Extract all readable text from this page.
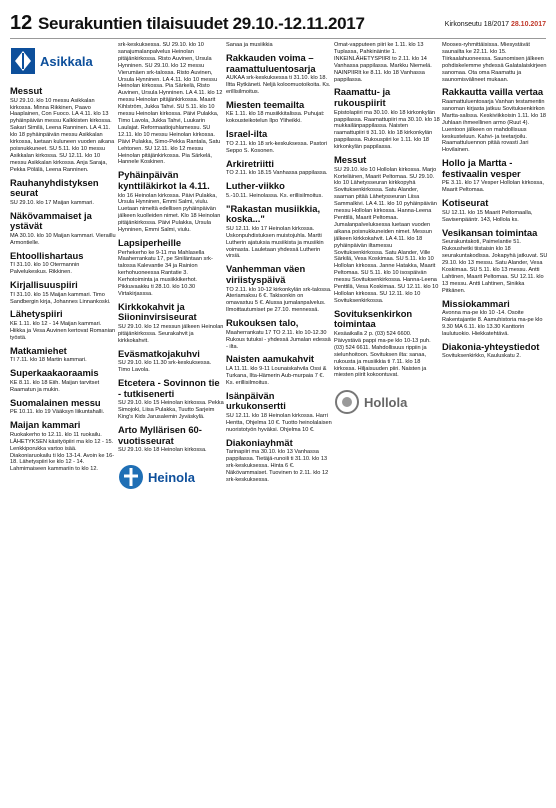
12 Seurakuntien tilaisuudet 29.10.-12.11.2017	Kirkonseutu 18/2017 28.10.2017
Asikkala
Messut
SU 29.10. klo 10 messu Asikkalan kirkossa. Minna Rikkinen, Paavo Haaplainen, Con Fuoco. LA 4.11. klo 13 pyhäinpäivän messu Kalkkisten kirkossa. Sakari Similä, Leena Ranninen. LA 4.11. klo 18 pyhäinpäivän messu Asikkalan kirkossa, luetaan kuluneen vuoden aikana poisnukkuneet. SU 5.11. klo 10 messu Asikkalan kirkossa. SU 12.11. klo 10 messu Asikkalan kirkossa. Anja Saraja, Pekka Pölälä, Leena Ranninen.
Rauhanyhdistyksen seurat
SU 29.10. klo 17 Maijan kammari.
Näkövammaiset ja ystävät
MA 30.10. klo 10 Maijan kammari. Vieraillu Armontielle.
Ehtoollishartaus
TI 31.10. klo 10 Otermannin Palvelukeskus. Rikkinen.
Kirjallisuuspiiri
TI 31.10. klo 15 Maijan kammari. Timo Sandbergin kirja, Johannes Linnankoski.
Lähetyspiiri
KE 1.11. klo 12 - 14 Maijan kammari. Hiikka ja Vesa Auvinen kertovat Romanian työstä.
Matkamiehet
TI 7.11. klo 18 Martin kammari.
Superkaakaoraamis
KE 8.11. klo 18 Eiih. Maijan tarvitset Raamatun ja mukin.
Suomalainen messu
PE 10.11. klo 19 Vääksyn liikuntahalli.
Maijan kammari
Ruokakerho to 12.11. klo 11 ruokailu. LÄHETYKSEN käsityöpiiri ma klo 12 - 15. Lenkkiporukka vartoo isää. Diakoniaruokailu ti klo 13-14. Avoin ke 16-18. Lähetyspiiri ke klo 12 - 14. Lahmimaiseen kammariin to klo 12.
srk-keskuksessa. SU 29.10. klo 10 sanajumalanpalvelus Heinolan pitäjänkirkossa. Risto Auvinen, Ursula Hynninen. SU 29.10. klo 12 messu Vierumäen srk-talossa. Risto Auvinen, Ursula Hynninen. LA 4.11. klo 10 messu Heinolan kirkossa. Pia Särkelä, Risto Auvinen, Ursula Hynninen. LA 4.11. klo 12 messu Heinolan pitäjänkirkossa. Maarit Kihlström, Jukka Tahvi. SU 5.11. klo 10 messu Heinolan kirkossa. Päivi Pulakka, Timo Lavola, Jukka Tahvi, Luukarin Laulajat. Reformaatiojuhlamessu. SU 12.11. klo 10 messu Heinolan kirkossa. Päivi Pulakka, Simo-Pekka Rantala, Satu Lehtonen. SU 12.11. klo 12 messu Heinolan pitäjänkirkossa. Pia Särkelä, Hannele Koskinen.
Pyhäinpäivän kynttiläkirkot la 4.11.
klo 16 Heinolan kirkossa. Päivi Pulakka, Ursula Hynninen, Emmi Salmi, viulu. Luetaan nimeltä edellisen pyhäinpäivän jälkeen kuolleiden nimet. Klo 18 Heinolan pitäjänkirkossa. Päivi Pulakka, Ursula Hynninen, Emmi Salmi, viulu.
Lapsiperheille
Perhekerho ke 9-11 ma Mahlasella Maaherrankatu 17, pe Siniläntaan srk-talossa Kalevantie 34 ja Rainion kerhohuoneessa Rantatie 3. Kerhotoiminta ja musiikkikerhot. Pikkuvaakku ti 28.10. klo 10.30 Virtakirjasssa.
Kirkkokahvit ja Siioninvirsiseurat
SU 29.10. klo 12 messun jälkeen Heinolan pitäjänkirkossa. Seurakahvit ja kirkkokahvit.
Eväsmatkojakuhvi
SU 29.10. klo 11.30 srk-keskuksessa. Timo Lavola.
Etcetera - Sovinnon tie - tutkisenerti
SU 29.10. klo 15 Heinolan kirkossa. Pekka Simojoki, Liisa Pulakka, Tuutto Sarjeim King's Kids Jarusalemin Jyväskylä.
Arto Myllärisen 60-vuotisseurat
SU 29.10. klo 18 Heinolan kirkossa.
Heinola
Sanaa ja musiikkia
Rakkauden voima – raamattuluentosarja
AUKAA srk-keskuksessa ti 31.10. klo 18. Iltta Rytkäneti. Neljä koloomuotoikoita. Ks. erillisilmoitus.
Miesten teemailta
KE 1.11. klo 18 musiikkitalissa. Puhujat: kokousteikotelun Ilpo Yliheikki.
Israel-ilta
TO 2.11. klo 18 srk-keskuksessa. Pastori Seppo S. Kosonen.
Arkiretriitti
TO 2.11. klo 18.15 Vanhassa pappilassa.
Luther-viikko
5.-10.11. Heinolassa. Ks. erillisilmoitus.
"Rakastan musiikkia, koska..."
SU 12.11. klo 17 Heinolan kirkossa. Uskonpuhdistuksen muistojuhla. Martti Lutherin ajatuksia musiikista ja musiikin voimasta. Lauletaan yhdessä Lutherin virsiä.
Vanhemman väen viriistyspäivä
TO 2.11. klo 10-12 kirkonkylän srk-talossa. Ateriamaksu 6 €. Takisonkin on omavastuu 5 €. Alussa jumalanpalvelus. Ilmoittautumiset pe 27.10. mennessä.
Rukouksen talo,
Maaherrankatu 17 TO 2.11. klo 10-12.30 Rukous tutuksi - yhdessä Jumalan edessä - ilta.
Naisten aamukahvit
LA 11.11. klo 9-11 Lounaiskahvila Ossi & Turkana, Ilta-Hämerin Aub-murpaia 7 €. Ks. erillisilmoitus.
Isänpäivän urkukonsertti
SU 12.11. klo 18 Heinolan kirkossa. Harri Hentta, Ohjelma 10 €. Tuotto heinolalaisen nuoristotyön hyväksi. Ohjelma 10 €.
Diakoniayhmät
Tarinapiiri ma 30.10. klo 13 Vanhassa pappilassa. Tietäjä-runoili ti 31.10. klo 13 srk-keskuksessa. Hinta 6 €. Näkövammaiset. Tuovinen to 2.11. klo 12 srk-keskuksessa.
Omat-vapputeen piiri ke 1.11. klo 13 Tuplassa, Pahkinäintie 1. INKEINLÄHETYSPIIRI to 2.11. klo 14 Vanhassa pappilassa. Markku Niemelä. NAINPIIRIt ke 8.11. klo 18 Vanhassa pappilassa.
Raamattu- ja rukouspiirit
Epistolapiiri ma 30.10. klo 18 kirkonkylän pappilassa. Raamattupiiri ma 30.10. klo 18 mukkailänpappilassa. Naisten raamattupiiri ti 31.10. klo 18 kirkonkylän pappilassa. Rukouspiiri ke 1.11. klo 18 kirkonkylän pappilassa.
Messut
SU 29.10. klo 10 Hollolan kirkossa. Marjo Korteläinen, Maarit Peltomaa. SU 29.10. klo 10 Lähetysseuran kirkkopyhä Sovituksenkirkossa. Satu Alander, saarnan pitää Lähetysseuran Liisa Sammalkivi. LA 4.11. klo 10 pyhäinpäivän messu Hollolan kirkossa. Hanna-Leena Penttilä, Maarit Peltomaa. Jumalanpalveluksessa luetaan vuoden aikana poisnukkuneiden nimet. Messun jälkeen kirkkokahvit. LA 4.11. klo 18 pyhäinpäivän iltamessu Sovituksenkirkossa. Satu Alander, Ville Särkilä, Vesa Koskimaa. SU 5.11. klo 10 Hollolan kirkossa. Janne Hatakka, Maarit Peltomaa. SU 5.11. klo 10 isospäivän messu Sovituksenkirkossa. Hanna-Leena Penttilä, Vesa Koskimaa. SU 12.11. klo 10 Hollolan kirkossa. SU 12.11. klo 10 Sovituksenkirkossa.
Sovituksenkirkon toimintaa
Kesäaikalla 2 p. (03) 524 6600. Päivystävä pappi ma-pe klo 10-13 puh. (03) 524 6611. Mahdollisuus rippiin ja sielunhoitoon. Sovituksen ilta: sanaa, rukousta ja musiikkia ti 7.11. klo 18 kirkossa. Hiljaisuuden piiri. Naisten ja miesten piirit kokoontuvat.
Hollola
Mooses-ryhmittäisissa. Miesystävät saunailta ke 22.11. klo 15. Tiirkaalahuoneessa. Saunomisen jälkeen pohdiskelemme yhdessä Galatalaiskirjeen sanomaa. Ota oma Raamattu ja saunomisvälineet mukaan.
Rakkautta vailla vertaa
Raamattuluentosarja Vanhan testamentin sanoman kirjasta jatkuu Sovituksenkirkon Martta-salissa. Keskiviikkoisin 1.11. klo 18 Juhlaan ihmeellinen armo (Ruut 4). Luentoon jälkeen on mahdollisuus keskusteluun. Kahvi- ja teetarjoilu. Raamattuluennon pitää rovasti Jari Hovilainen.
Hollo ja Martta -festivaalin vesper
PE 3.11. klo 17 Vesper Hollolan kirkossa, Maarit Peltomaa.
Kotiseurat
SU 12.11. klo 15 Maarit Peltomaalla, Savisenpääntr. 143, Hollola ks.
Vesikansan toimintaa
Seurakuntakoti, Paimelantie 51. Rukoushetki tiistaisin klo 18 seurakuntakodissa. Jokapyhä jatkuvat. SU 29.10. klo 13 messu. Satu Alander, Vesa Koskimaa. SU 5.11. klo 13 messu. Antti Lahtinen, Maarit Peltomaa. SU 12.11. klo 13 messu. Antti Lahtinen, Sinikka Pitkänen.
Missiokammari
Avonna ma-pe klo 10 -14. Osoite Rakentajantie 8. Aamuhistoria ma-pe klo 9.30 MA 6.11. klo 13.30 Kanttorin laulutuokio. Hiekkatehtävä.
Diakonia-yhteystiedot
Sovituksenkirkko, Kauluskatu 2.
